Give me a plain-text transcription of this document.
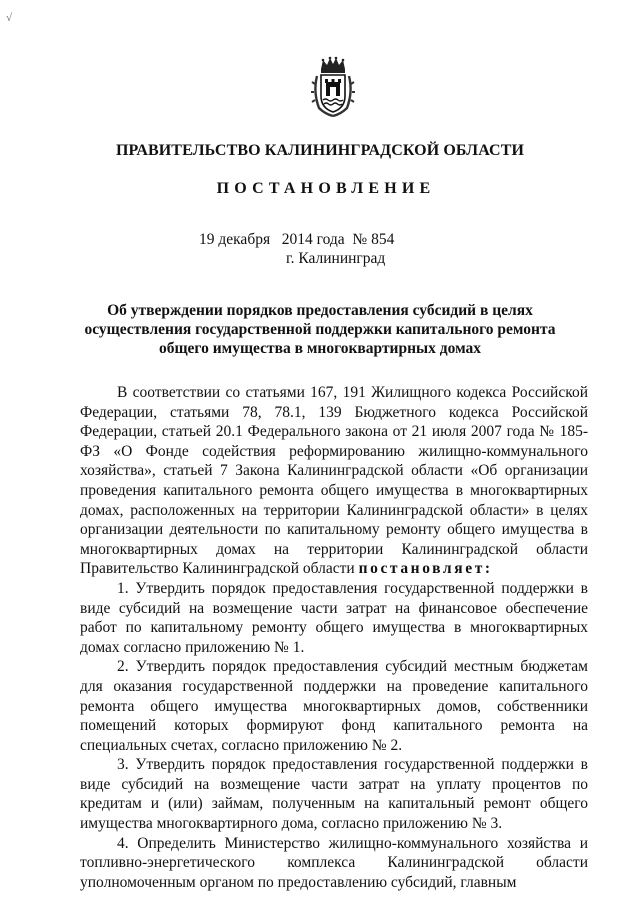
√
ПРАВИТЕЛЬСТВО КАЛИНИНГРАДСКОЙ ОБЛАСТИ
ПОСТАНОВЛЕНИЕ
19 декабря 2014 года № 854
г. Калининград
Об утверждении порядков предоставления субсидий в целях
осуществления государственной поддержки капитального ремонта
общего имущества в многоквартирных домах

В соответствии со статьями 167, 191 Жилищного кодекса Российской Федерации, статьями 78, 78.1, 139 Бюджетного кодекса Российской Федерации, статьей 20.1 Федерального закона от 21 июля 2007 года № 185-ФЗ «О Фонде содействия реформированию жилищно-коммунального хозяйства», статьей 7 Закона Калининградской области «Об организации проведения капитального ремонта общего имущества в многоквартирных домах, расположенных на территории Калининградской области» в целях организации деятельности по капитальному ремонту общего имущества в многоквартирных домах на территории Калининградской области Правительство Калининградской области постановляет:

1. Утвердить порядок предоставления государственной поддержки в виде субсидий на возмещение части затрат на финансовое обеспечение работ по капитальному ремонту общего имущества в многоквартирных домах согласно приложению № 1.

2. Утвердить порядок предоставления субсидий местным бюджетам для оказания государственной поддержки на проведение капитального ремонта общего имущества многоквартирных домов, собственники помещений которых формируют фонд капитального ремонта на специальных счетах, согласно приложению № 2.

3. Утвердить порядок предоставления государственной поддержки в виде субсидий на возмещение части затрат на уплату процентов по кредитам и (или) займам, полученным на капитальный ремонт общего имущества многоквартирного дома, согласно приложению № 3.

4. Определить Министерство жилищно-коммунального хозяйства и топливно-энергетического комплекса Калининградской области уполномоченным органом по предоставлению субсидий, главным
